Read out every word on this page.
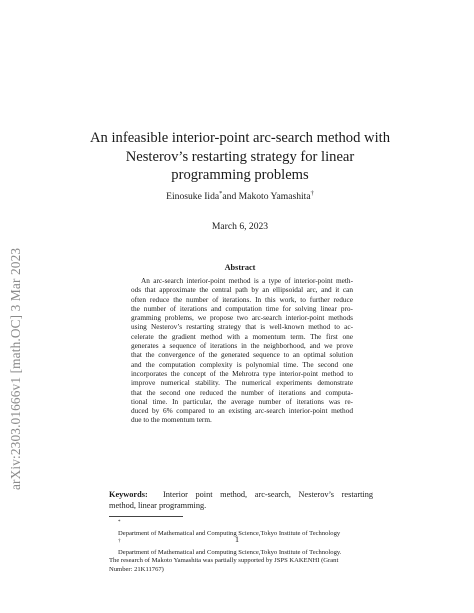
arXiv:2303.01666v1 [math.OC] 3 Mar 2023
An infeasible interior-point arc-search method with
Nesterov’s restarting strategy for linear
programming problems
Einosuke Iida*and Makoto Yamashita†
March 6, 2023
Abstract
An arc-search interior-point method is a type of interior-point meth-
ods that approximate the central path by an ellipsoidal arc, and it can
often reduce the number of iterations. In this work, to further reduce
the number of iterations and computation time for solving linear pro-
gramming problems, we propose two arc-search interior-point methods
using Nesterov’s restarting strategy that is well-known method to ac-
celerate the gradient method with a momentum term. The first one
generates a sequence of iterations in the neighborhood, and we prove
that the convergence of the generated sequence to an optimal solution
and the computation complexity is polynomial time. The second one
incorporates the concept of the Mehrotra type interior-point method to
improve numerical stability. The numerical experiments demonstrate
that the second one reduced the number of iterations and computa-
tional time. In particular, the average number of iterations was re-
duced by 6% compared to an existing arc-search interior-point method
due to the momentum term.
Keywords: Interior point method, arc-search, Nesterov’s restarting
method, linear programming.
*
Department of Mathematical and Computing Science,Tokyo Institute of Technology
†
Department of Mathematical and Computing Science,Tokyo Institute of Technology.
The research of Makoto Yamashita was partially supported by JSPS KAKENHI (Grant
Number: 21K11767)
1
